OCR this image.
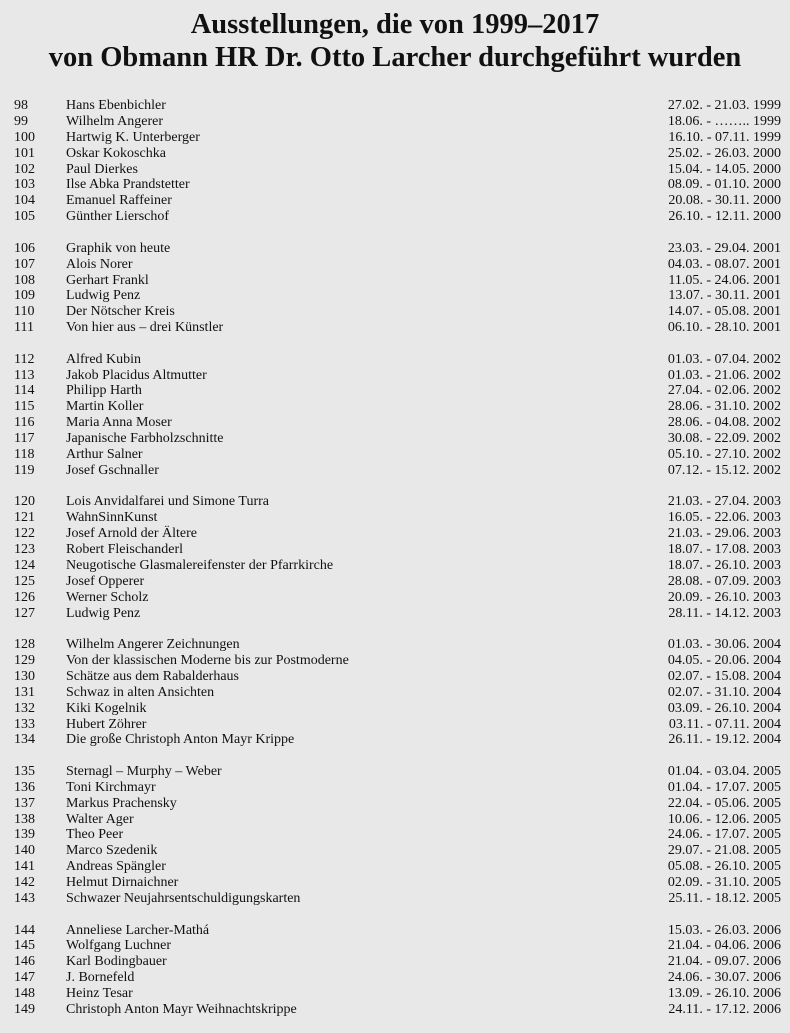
Ausstellungen, die von 1999–2017
von Obmann HR Dr. Otto Larcher durchgeführt wurden
98	Hans Ebenbichler	27.02. - 21.03. 1999
99	Wilhelm Angerer	18.06. - …….. 1999
100 Hartwig K. Unterberger	16.10. - 07.11. 1999
101 Oskar Kokoschka	25.02. - 26.03. 2000
102 Paul Dierkes	15.04. - 14.05. 2000
103 Ilse Abka Prandstetter	08.09. - 01.10. 2000
104 Emanuel Raffeiner	20.08. - 30.11. 2000
105 Günther Lierschof	26.10. - 12.11. 2000
106 Graphik von heute	23.03. - 29.04. 2001
107 Alois Norer	04.03. - 08.07. 2001
108 Gerhart Frankl	11.05. - 24.06. 2001
109 Ludwig Penz	13.07. - 30.11. 2001
110 Der Nötscher Kreis	14.07. - 05.08. 2001
111 Von hier aus – drei Künstler	06.10. - 28.10. 2001
112 Alfred Kubin	01.03. - 07.04. 2002
113 Jakob Placidus Altmutter	01.03. - 21.06. 2002
114 Philipp Harth	27.04. - 02.06. 2002
115 Martin Koller	28.06. - 31.10. 2002
116 Maria Anna Moser	28.06. - 04.08. 2002
117 Japanische Farbholzschnitte	30.08. - 22.09. 2002
118 Arthur Salner	05.10. - 27.10. 2002
119 Josef Gschnaller	07.12. - 15.12. 2002
120 Lois Anvidalfarei und Simone Turra	21.03. - 27.04. 2003
121 WahnSinnKunst	16.05. - 22.06. 2003
122 Josef Arnold der Ältere	21.03. - 29.06. 2003
123 Robert Fleischanderl	18.07. - 17.08. 2003
124 Neugotische Glasmalereifenster der Pfarrkirche	18.07. - 26.10. 2003
125 Josef Opperer	28.08. - 07.09. 2003
126 Werner Scholz	20.09. - 26.10. 2003
127 Ludwig Penz	28.11. - 14.12. 2003
128 Wilhelm Angerer Zeichnungen	01.03. - 30.06. 2004
129 Von der klassischen Moderne bis zur Postmoderne	04.05. - 20.06. 2004
130 Schätze aus dem Rabalderhaus	02.07. - 15.08. 2004
131 Schwaz in alten Ansichten	02.07. - 31.10. 2004
132 Kiki Kogelnik	03.09. - 26.10. 2004
133 Hubert Zöhrer	03.11. - 07.11. 2004
134 Die große Christoph Anton Mayr Krippe	26.11. - 19.12. 2004
135 Sternagl – Murphy – Weber	01.04. - 03.04. 2005
136 Toni Kirchmayr	01.04. - 17.07. 2005
137 Markus Prachensky	22.04. - 05.06. 2005
138 Walter Ager	10.06. - 12.06. 2005
139 Theo Peer	24.06. - 17.07. 2005
140 Marco Szedenik	29.07. - 21.08. 2005
141 Andreas Spängler	05.08. - 26.10. 2005
142 Helmut Dirnaichner	02.09. - 31.10. 2005
143 Schwazer Neujahrsentschuldigungskarten	25.11. - 18.12. 2005
144 Anneliese Larcher-Mathá	15.03. - 26.03. 2006
145 Wolfgang Luchner	21.04. - 04.06. 2006
146 Karl Bodingbauer	21.04. - 09.07. 2006
147 J. Bornefeld	24.06. - 30.07. 2006
148 Heinz Tesar	13.09. - 26.10. 2006
149 Christoph Anton Mayr Weihnachtskrippe	24.11. - 17.12. 2006
